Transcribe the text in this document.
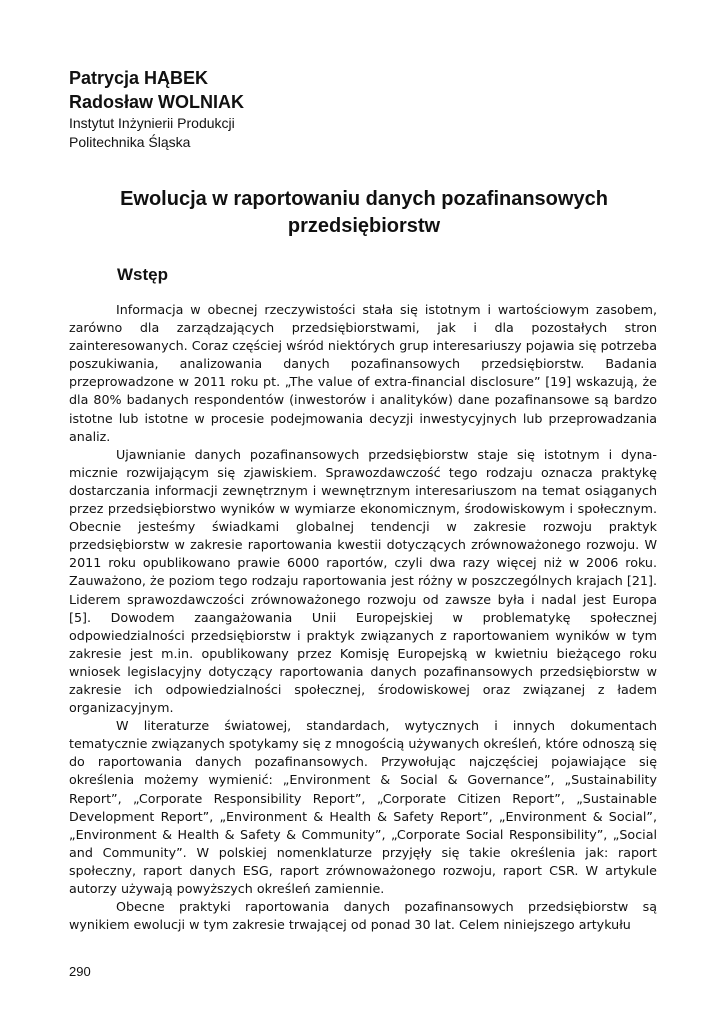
Patrycja HĄBEK

Radosław WOLNIAK

Instytut Inżynierii Produkcji

Politechnika Śląska

Ewolucja w raportowaniu danych pozafinansowych
przedsiębiorstw
Wstęp

Informacja w obecnej rzeczywistości stała się istotnym i wartościowym zasobem, zarówno dla zarządzających przedsiębiorstwami, jak i dla pozostałych stron zainteresowanych. Coraz częściej wśród niektórych grup interesariuszy pojawia się potrzeba poszukiwania, analizowania danych pozafinansowych przedsiębiorstw. Badania przeprowadzone w 2011 roku pt. „The value of extra-financial disclosure” [19] wskazują, że dla 80% badanych respondentów (inwestorów i analityków) dane pozafinansowe są bardzo istotne lub istotne w procesie podejmowania decyzji inwestycyjnych lub przeprowadzania analiz.

Ujawnianie danych pozafinansowych przedsiębiorstw staje się istotnym i dynamicznie rozwijającym się zjawiskiem. Sprawozdawczość tego rodzaju oznacza praktykę dostarczania informacji zewnętrznym i wewnętrznym interesariuszom na temat osiąganych przez przedsiębiorstwo wyników w wymiarze ekonomicznym, środowiskowym i społecznym. Obecnie jesteśmy świadkami globalnej tendencji w zakresie rozwoju praktyk przedsiębiorstw w zakresie raportowania kwestii dotyczących zrównoważonego rozwoju. W 2011 roku opublikowano prawie 6000 raportów, czyli dwa razy więcej niż w 2006 roku. Zauważono, że poziom tego rodzaju raportowania jest różny w poszczególnych krajach [21]. Liderem sprawozdawczości zrównoważonego rozwoju od zawsze była i nadal jest Europa [5]. Dowodem zaangażowania Unii Europejskiej w problematykę społecznej odpowiedzialności przedsiębiorstw i praktyk związanych z raportowaniem wyników w tym zakresie jest m.in. opublikowany przez Komisję Europejską w kwietniu bieżącego roku wniosek legislacyjny dotyczący raportowania danych pozafinansowych przedsiębiorstw w zakresie ich odpowiedzialności społecznej, środowiskowej oraz związanej z ładem organizacyjnym.

W literaturze światowej, standardach, wytycznych i innych dokumentach tematycznie związanych spotykamy się z mnogością używanych określeń, które odnoszą się do raportowania danych pozafinansowych. Przywołując najczęściej pojawiające się określenia możemy wymienić: „Environment & Social & Governance”, „Sustainability Report”, „Corporate Responsibility Report”, „Corporate Citizen Report”, „Sustainable Development Report”, „Environment & Health & Safety Report”, „Environment & Social”, „Environment & Health & Safety & Community”, „Corporate Social Responsibility”, „Social and Community”. W polskiej nomenklaturze przyjęły się takie określenia jak: raport społeczny, raport danych ESG, raport zrównoważonego rozwoju, raport CSR. W artykule autorzy używają powyższych określeń zamiennie.

Obecne praktyki raportowania danych pozafinansowych przedsiębiorstw są wynikiem ewolucji w tym zakresie trwającej od ponad 30 lat. Celem niniejszego artykułu

290
